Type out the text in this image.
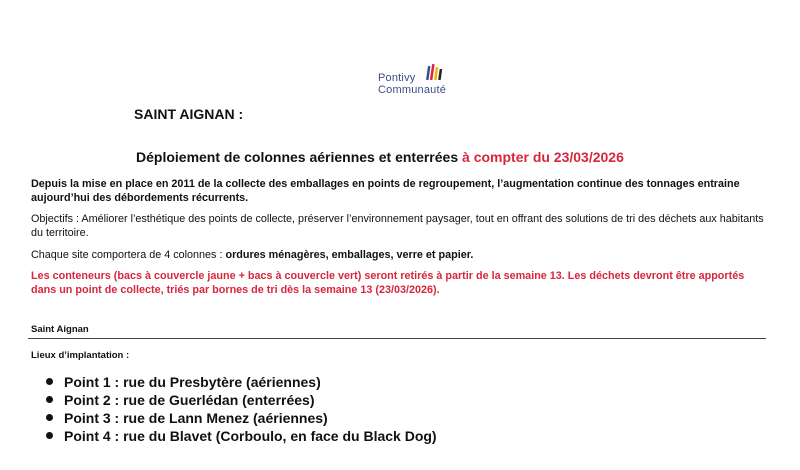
Pontivy
Communauté
SAINT AIGNAN :
Déploiement de colonnes aériennes et enterrées à compter du 23/03/2026

Depuis la mise en place en 2011 de la collecte des emballages en points de regroupement, l’augmentation continue des tonnages entraine aujourd’hui des débordements récurrents.

Objectifs : Améliorer l’esthétique des points de collecte, préserver l’environnement paysager, tout en offrant des solutions de tri des déchets aux habitants du territoire.

Chaque site comportera de 4 colonnes : ordures ménagères, emballages, verre et papier.

Les conteneurs (bacs à couvercle jaune + bacs à couvercle vert) seront retirés à partir de la semaine 13. Les déchets devront être apportés dans un point de collecte, triés par bornes de tri dès la semaine 13 (23/03/2026).

Saint Aignan

Lieux d’implantation :

Point 1 : rue du Presbytère (aériennes)
Point 2 : rue de Guerlédan (enterrées)
Point 3 : rue de Lann Menez (aériennes)
Point 4 : rue du Blavet (Corboulo, en face du Black Dog)
